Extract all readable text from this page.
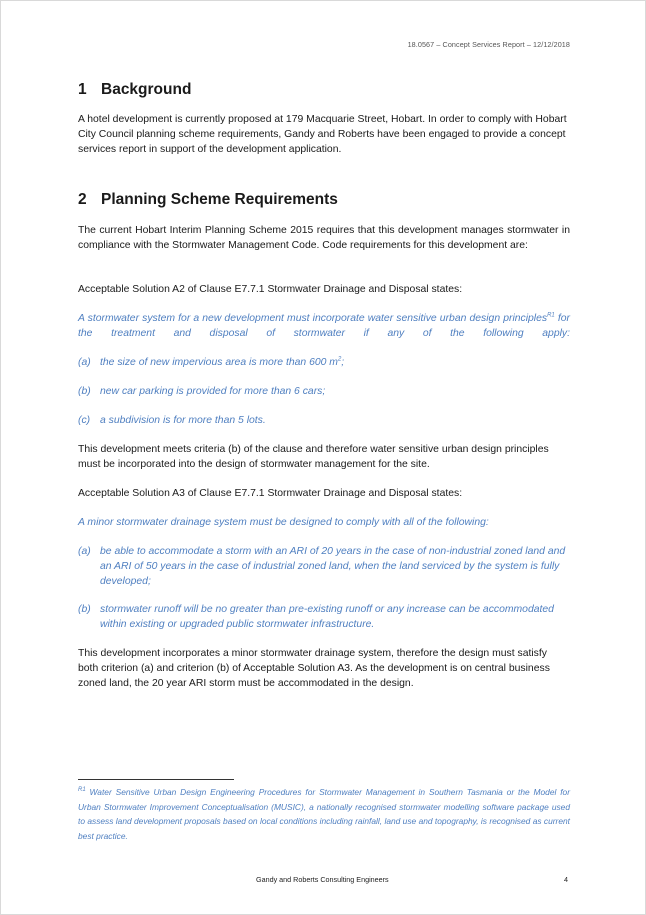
18.0567 – Concept Services Report – 12/12/2018
1 Background

A hotel development is currently proposed at 179 Macquarie Street, Hobart. In order to comply with Hobart City Council planning scheme requirements, Gandy and Roberts have been engaged to provide a concept services report in support of the development application.

2 Planning Scheme Requirements

The current Hobart Interim Planning Scheme 2015 requires that this development manages stormwater in compliance with the Stormwater Management Code. Code requirements for this development are:

Acceptable Solution A2 of Clause E7.7.1 Stormwater Drainage and Disposal states:

A stormwater system for a new development must incorporate water sensitive urban design principles$^{R1}$ for the treatment and disposal of stormwater if any of the following apply:

(a) the size of new impervious area is more than 600 $m^2$;
(b) new car parking is provided for more than 6 cars;
(c) a subdivision is for more than 5 lots.

This development meets criteria (b) of the clause and therefore water sensitive urban design principles must be incorporated into the design of stormwater management for the site.

Acceptable Solution A3 of Clause E7.7.1 Stormwater Drainage and Disposal states:

A minor stormwater drainage system must be designed to comply with all of the following:

(a) be able to accommodate a storm with an ARI of 20 years in the case of non-industrial zoned land and an ARI of 50 years in the case of industrial zoned land, when the land serviced by the system is fully developed;
(b) stormwater runoff will be no greater than pre-existing runoff or any increase can be accommodated within existing or upgraded public stormwater infrastructure.

This development incorporates a minor stormwater drainage system, therefore the design must satisfy both criterion (a) and criterion (b) of Acceptable Solution A3. As the development is on central business zoned land, the 20 year ARI storm must be accommodated in the design.

$^{R1}$ Water Sensitive Urban Design Engineering Procedures for Stormwater Management in Southern Tasmania or the Model for Urban Stormwater Improvement Conceptualisation (MUSIC), a nationally recognised stormwater modelling software package used to assess land development proposals based on local conditions including rainfall, land use and topography, is recognised as current best practice.

Gandy and Roberts Consulting Engineers	4
